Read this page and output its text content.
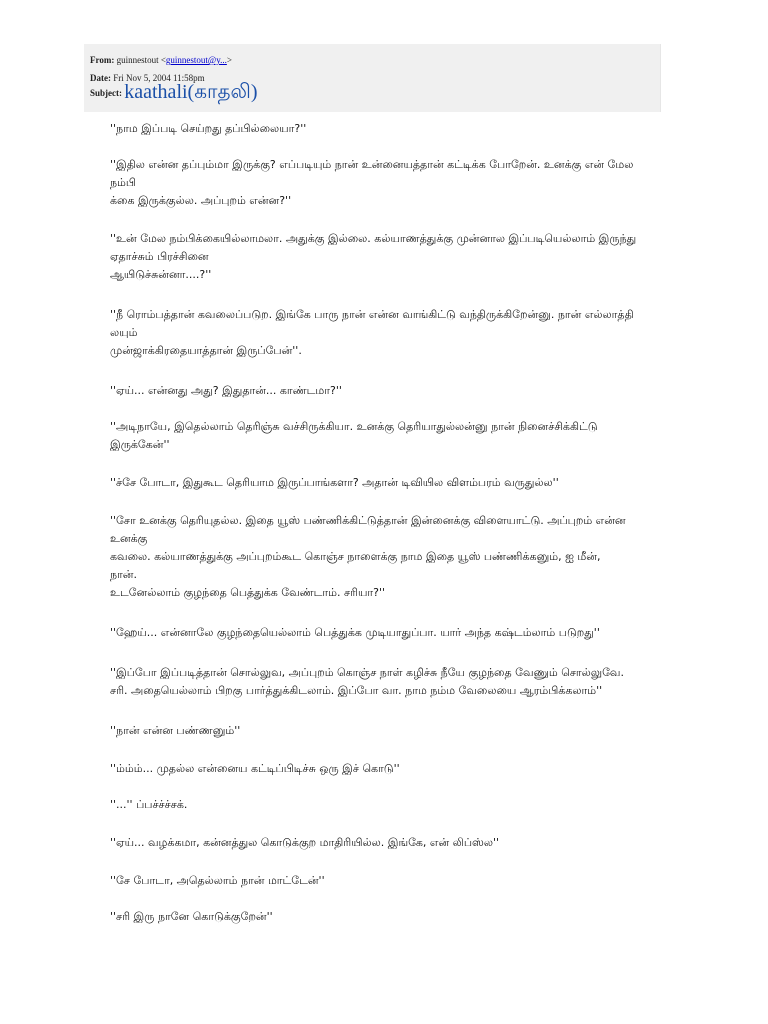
From: guinnestout <guinnestout@y...>
Date: Fri Nov 5, 2004 11:58pm
Subject: kaathali(காதலி)
''நாம இப்படி செய்றது தப்பில்லையா?''
''இதில என்ன தப்பும்மா இருக்கு? எப்படியும் நான் உன்னையத்தான் கட்டிக்க போறேன். உனக்கு என் மேல
நம்பி
க்கை இருக்குல்ல. அப்புறம் என்ன?''
''உன் மேல நம்பிக்கையில்லாமலா. அதுக்கு இல்லை. கல்யாணத்துக்கு முன்னால இப்படியெல்லாம் இருந்து
ஏதாச்சும் பிரச்சினை
ஆயிடுச்சுன்னா....?''
''நீ ரொம்பத்தான் கவலைப்படுற. இங்கே பாரு நான் என்ன வாங்கிட்டு வந்திருக்கிறேன்னு. நான் எல்லாத்தி
லயும்
முன்ஜாக்கிரதையாத்தான் இருப்பேன்''.
''ஏய்... என்னது அது? இதுதான்... காண்டமா?''
''அடிநாயே, இதெல்லாம் தெரிஞ்சு வச்சிருக்கியா. உனக்கு தெரியாதுல்லன்னு நான் நினைச்சிக்கிட்டு
இருக்கேன்''
''ச்சே போடா, இதுகூட தெரியாம இருப்பாங்களா? அதான் டிவியில விளம்பரம் வருதுல்ல''
''சோ உனக்கு தெரியுதல்ல. இதை யூஸ் பண்ணிக்கிட்டுத்தான் இன்னைக்கு விளையாட்டு. அப்புறம் என்ன
உனக்கு
கவலை. கல்யாணத்துக்கு அப்புறம்கூட கொஞ்ச நாளைக்கு நாம இதை யூஸ் பண்ணிக்கனும், ஐ மீன்,
நான்.
உடனேல்லாம் குழந்தை பெத்துக்க வேண்டாம். சரியா?''
''ஹேய்... என்னாலே குழந்தையெல்லாம் பெத்துக்க முடியாதுப்பா. யார் அந்த கஷ்டம்லாம் படுறது''
''இப்போ இப்படித்தான் சொல்லுவ, அப்புறம் கொஞ்ச நாள் கழிச்சு நீயே குழந்தை வேணும் சொல்லுவே.
சரி. அதையெல்லாம் பிறகு பார்த்துக்கிடலாம். இப்போ வா. நாம நம்ம வேலையை ஆரம்பிக்கலாம்''
''நான் என்ன பண்ணனும்''
''ம்ம்ம்... முதல்ல என்னைய கட்டிப்பிடிச்சு ஒரு இச் கொடு''
''...'' ப்பச்ச்ச்சக்.
''ஏய்... வழக்கமா, கன்னத்துல கொடுக்குற மாதிரியில்ல. இங்கே, என் லிப்ஸ்ல''
''சே போடா, அதெல்லாம் நான் மாட்டேன்''
''சரி இரு நானே கொடுக்குறேன்''
